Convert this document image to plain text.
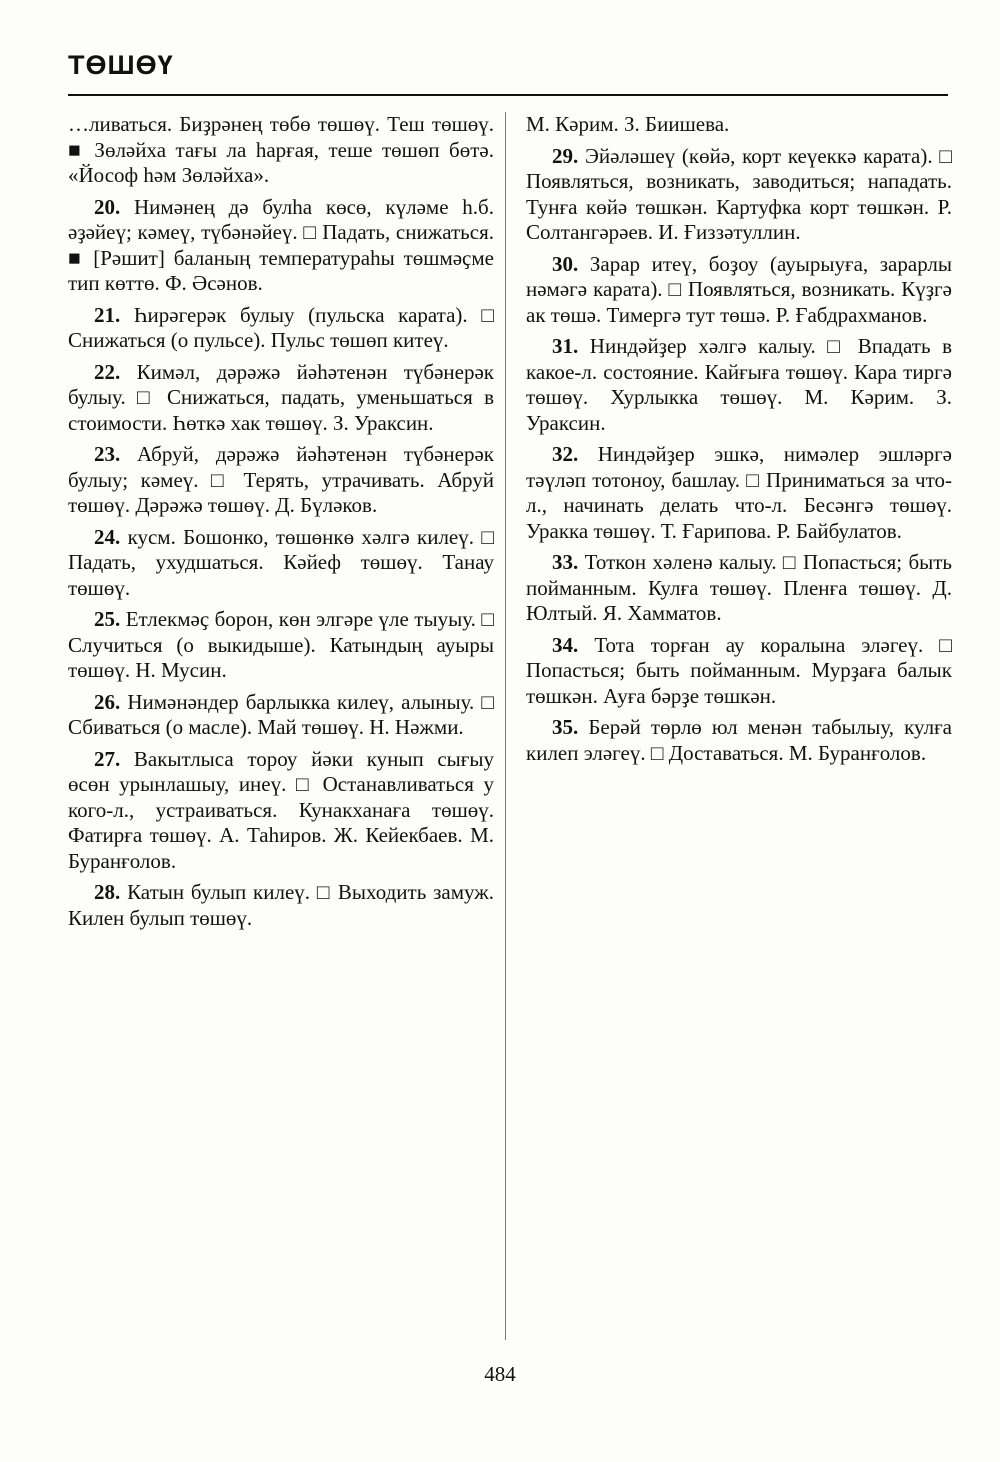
ТӨШӨҮ

…ливаться. Биҙрәнең төбө төшөү. Теш төшөү. ■ Зөләйха тағы ла һарғая, теше төшөп бөтә. «Йософ һәм Зөләйха».

20. Нимәнең дә булһа көсө, күләме һ.б. әҙәйеү; кәмеү, түбәнәйеү. □ Падать, снижаться. ■ [Рәшит] баланың температураһы төшмәҫме тип көттө. Ф. Әсәнов.

21. Һирәгерәк булыу (пульска карата). □ Снижаться (о пульсе). Пульс төшөп китеү.

22. Кимәл, дәрәжә йәһәтенән түбәнерәк булыу. □ Снижаться, падать, уменьшаться в стоимости. Һөткә хак төшөү. З. Ураксин.

23. Абруй, дәрәжә йәһәтенән түбәнерәк булыу; кәмеү. □ Терять, утрачивать. Абруй төшөү. Дәрәжә төшөү. Д. Бүләков.

24. кусм. Бошонко, төшөнкө хәлгә килеү. □ Падать, ухудшаться. Кәйеф төшөү. Танау төшөү.

25. Етлекмәҫ борон, көн элгәре үле тыуыу. □ Случиться (о выкидыше). Катындың ауыры төшөү. Н. Мусин.

26. Нимәнәндер барлыкка килеү, алыныу. □ Сбиваться (о масле). Май төшөү. Н. Нәжми.

27. Вакытлыса тороу йәки кунып сығыу өсөн урынлашыу, инеү. □ Останавливаться у кого-л., устраиваться. Кунакханаға төшөү. Фатирға төшөү. А. Таһиров. Ж. Кейекбаев. М. Буранғолов.

28. Катын булып килеү. □ Выходить замуж. Килен булып төшөү.

М. Кәрим. З. Биишева.

29. Эйәләшеү (көйә, корт кеүеккә карата). □ Появляться, возникать, заводиться; нападать. Тунға көйә төшкән. Картуфка корт төшкән. Р. Солтангәрәев. И. Ғиззәтуллин.

30. Зарар итеү, боҙоу (ауырыуға, зарарлы нәмәгә карата). □ Появляться, возникать. Күҙгә ак төшә. Тимергә тут төшә. Р. Ғабдрахманов.

31. Ниндәйҙер хәлгә калыу. □ Впадать в какое-л. состояние. Кайғыға төшөү. Кара тиргә төшөү. Хурлыкка төшөү. М. Кәрим. З. Ураксин.

32. Ниндәйҙер эшкә, нимәлер эшләргә тәүләп тотоноу, башлау. □ Приниматься за что-л., начинать делать что-л. Бесәнгә төшөү. Уракка төшөү. Т. Ғарипова. Р. Байбулатов.

33. Тоткон хәленә калыу. □ Попасться; быть пойманным. Кулға төшөү. Пленға төшөү. Д. Юлтый. Я. Хамматов.

34. Тота торған ау коралына эләгеү. □ Попасться; быть пойманным. Мурҙаға балык төшкән. Ауға бәрҙе төшкән.

35. Берәй төрлө юл менән табылыу, кулға килеп эләгеү. □ Доставаться. М. Буранғолов.

484
